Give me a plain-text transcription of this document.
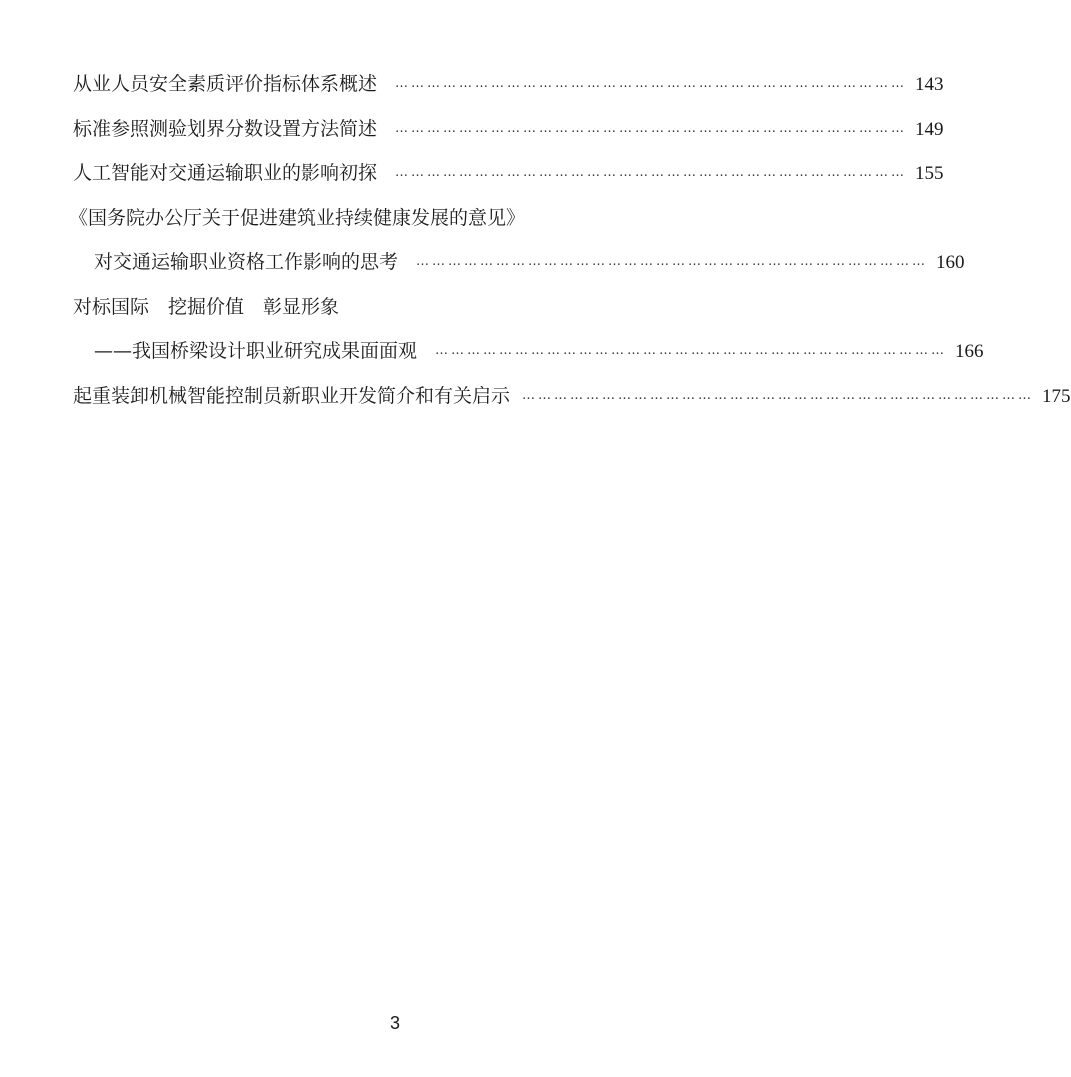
从业人员安全素质评价指标体系概述 …………………………………………………………………………………… 143
标准参照测验划界分数设置方法简述 …………………………………………………………………………………… 149
人工智能对交通运输职业的影响初探 …………………………………………………………………………………… 155
《国务院办公厅关于促进建筑业持续健康发展的意见》
对交通运输职业资格工作影响的思考 …………………………………………………………………………………… 160
对标国际　挖掘价值　彰显形象
——我国桥梁设计职业研究成果面面观 …………………………………………………………………………………… 166
起重装卸机械智能控制员新职业开发简介和有关启示 …………………………………………………………………………………… 175
3
